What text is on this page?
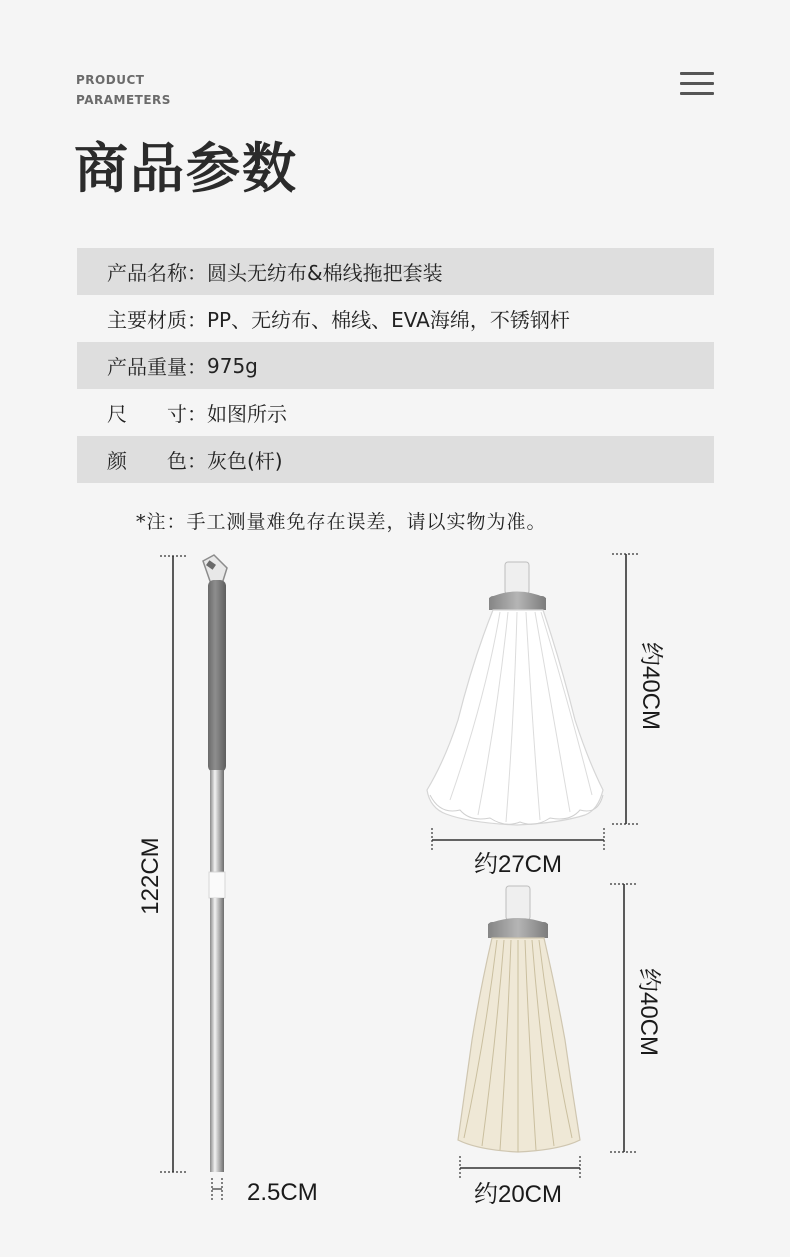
PRODUCT
PARAMETERS
商品参数
产品名称： 圆头无纺布&棉线拖把套装
主要材质： PP、无纺布、棉线、EVA海绵，不锈钢杆
产品重量： 975g
尺  寸： 如图所示
颜  色： 灰色(杆)
*注：手工测量难免存在误差，请以实物为准。
122CM
2.5CM
约40CM
约27CM
约40CM
约20CM
